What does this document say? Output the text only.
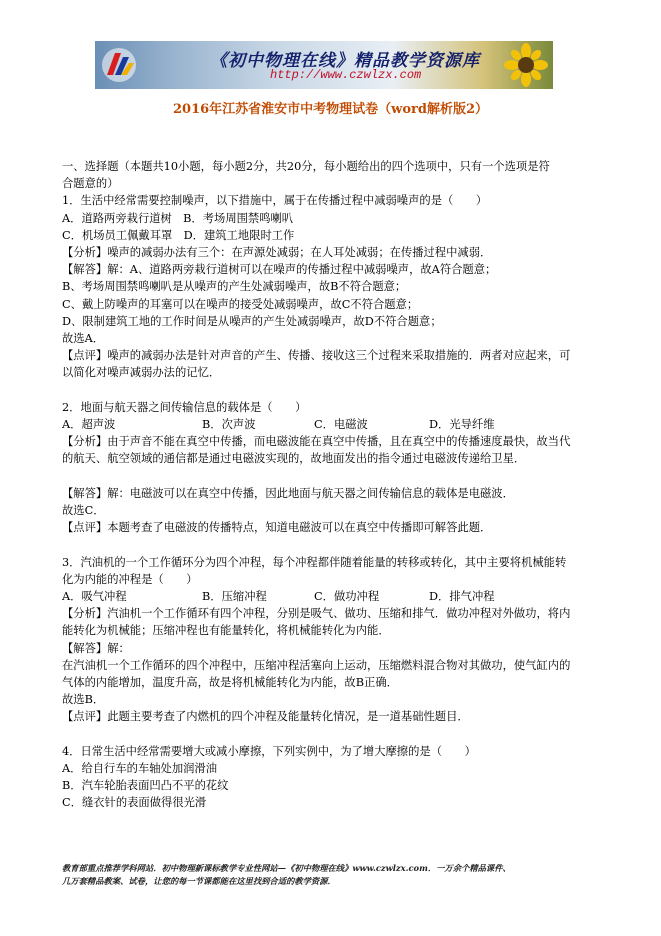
《初中物理在线》精品教学资源库
http://www.czwlzx.com
2016年江苏省淮安市中考物理试卷（word解析版2）

一、选择题（本题共10小题，每小题2分，共20分，每小题给出的四个选项中，只有一个选项是符

合题意的）

1．生活中经常需要控制噪声，以下措施中，属于在传播过程中减弱噪声的是（　　）

A．道路两旁栽行道树　B．考场周围禁鸣喇叭

C．机场员工佩戴耳罩　D．建筑工地限时工作

【分析】噪声的减弱办法有三个：在声源处减弱；在人耳处减弱；在传播过程中减弱．

【解答】解：A、道路两旁栽行道树可以在噪声的传播过程中减弱噪声，故A符合题意；

B、考场周围禁鸣喇叭是从噪声的产生处减弱噪声，故B不符合题意；

C、戴上防噪声的耳塞可以在噪声的接受处减弱噪声，故C不符合题意；

D、限制建筑工地的工作时间是从噪声的产生处减弱噪声，故D不符合题意；

故选A．

【点评】噪声的减弱办法是针对声音的产生、传播、接收这三个过程来采取措施的．两者对应起来，可

以简化对噪声减弱办法的记忆．

2．地面与航天器之间传输信息的载体是（　　）

A．超声波	B．次声波	C．电磁波	D．光导纤维

【分析】由于声音不能在真空中传播，而电磁波能在真空中传播，且在真空中的传播速度最快，故当代

的航天、航空领域的通信都是通过电磁波实现的，故地面发出的指令通过电磁波传递给卫星．

【解答】解：电磁波可以在真空中传播，因此地面与航天器之间传输信息的载体是电磁波．

故选C．

【点评】本题考查了电磁波的传播特点，知道电磁波可以在真空中传播即可解答此题．

3．汽油机的一个工作循环分为四个冲程，每个冲程都伴随着能量的转移或转化，其中主要将机械能转

化为内能的冲程是（　　）

A．吸气冲程	B．压缩冲程	C．做功冲程	D．排气冲程

【分析】汽油机一个工作循环有四个冲程，分别是吸气、做功、压缩和排气．做功冲程对外做功，将内

能转化为机械能；压缩冲程也有能量转化，将机械能转化为内能．

【解答】解：

在汽油机一个工作循环的四个冲程中，压缩冲程活塞向上运动，压缩燃料混合物对其做功，使气缸内的

气体的内能增加，温度升高，故是将机械能转化为内能，故B正确．

故选B．

【点评】此题主要考查了内燃机的四个冲程及能量转化情况，是一道基础性题目．

4．日常生活中经常需要增大或减小摩擦，下列实例中，为了增大摩擦的是（　　）

A．给自行车的车轴处加润滑油

B．汽车轮胎表面凹凸不平的花纹

C．缝衣针的表面做得很光滑

教育部重点推荐学科网站．初中物理新课标教学专业性网站—《初中物理在线》www.czwlzx.com．一万余个精品课件、

几万套精品教案、试卷，让您的每一节课都能在这里找到合适的教学资源．
